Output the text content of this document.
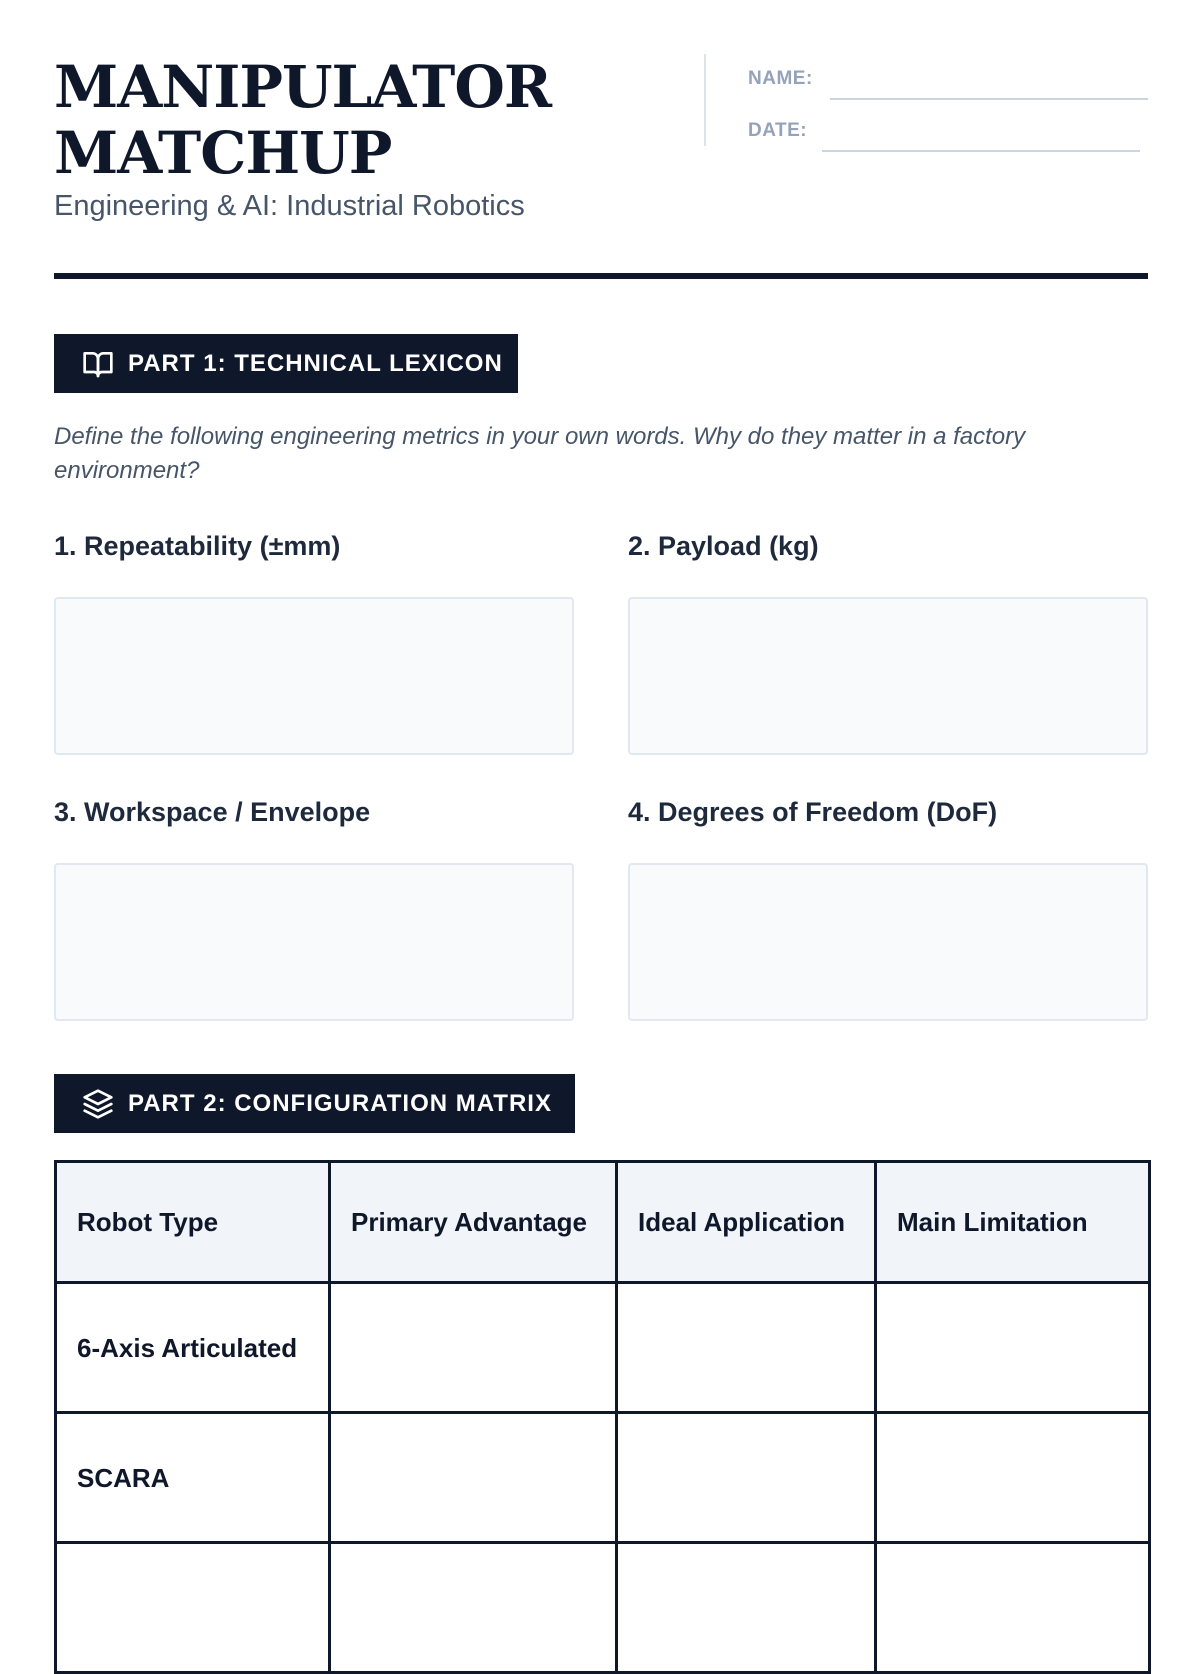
MANIPULATOR
MATCHUP
Engineering & AI: Industrial Robotics
NAME:
DATE:
PART 1: TECHNICAL LEXICON
Define the following engineering metrics in your own words. Why do they matter in a factory environment?
1. Repeatability (±mm)	2. Payload (kg)
3. Workspace / Envelope	4. Degrees of Freedom (DoF)
PART 2: CONFIGURATION MATRIX
Robot Type	Primary Advantage	Ideal Application	Main Limitation
6-Axis Articulated			
SCARA			
